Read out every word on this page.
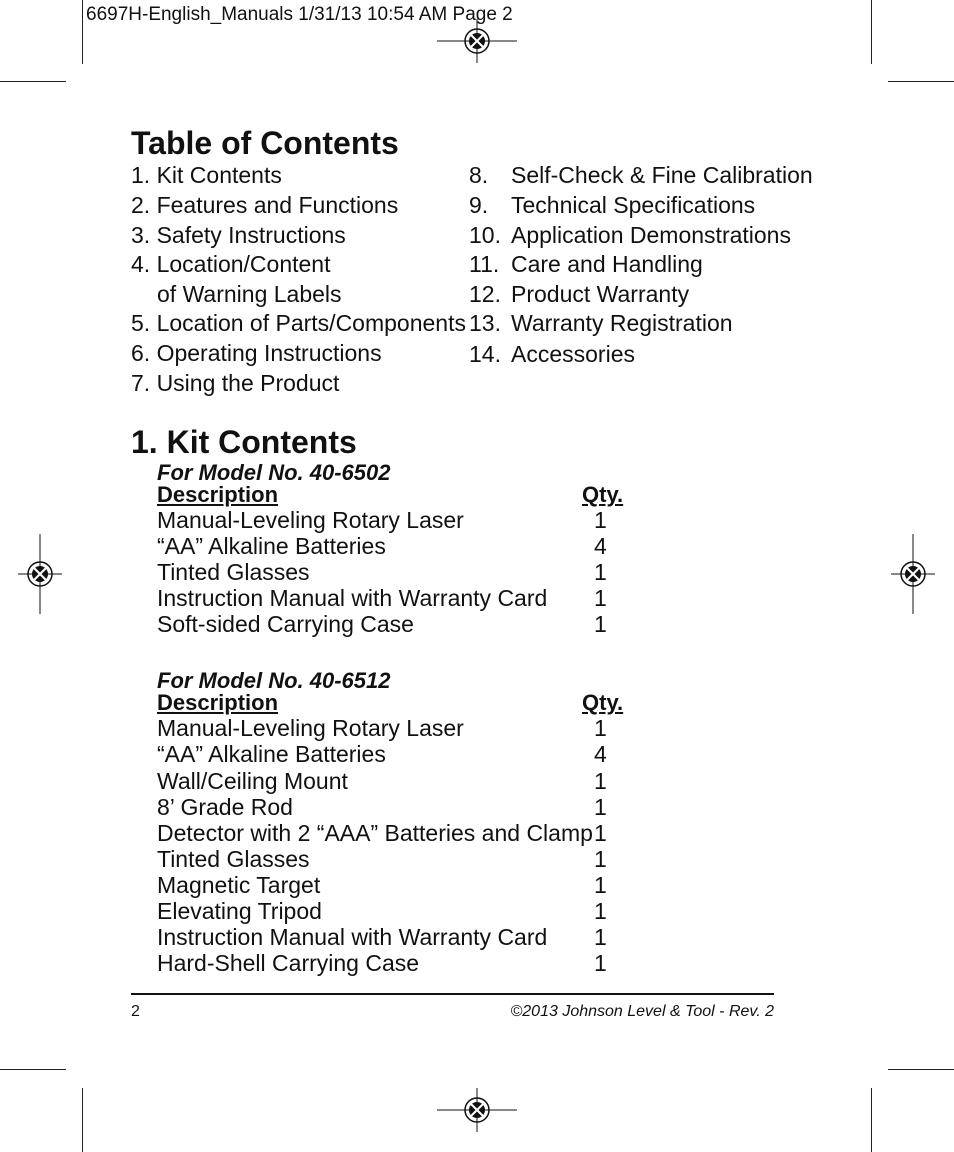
6697H-English_Manuals 1/31/13 10:54 AM Page 2
Table of Contents
1. Kit Contents
2. Features and Functions
3. Safety Instructions
4. Location/Content
of Warning Labels
5. Location of Parts/Components
6. Operating Instructions
7. Using the Product
8. Self-Check & Fine Calibration
9. Technical Specifications
10. Application Demonstrations
11. Care and Handling
12. Product Warranty
13. Warranty Registration
14. Accessories
1. Kit Contents
For Model No. 40-6502
Description	Qty.
Manual-Leveling Rotary Laser	1
“AA” Alkaline Batteries	4
Tinted Glasses	1
Instruction Manual with Warranty Card 1
Soft-sided Carrying Case	1
For Model No. 40-6512
Description	Qty.
Manual-Leveling Rotary Laser	1
“AA” Alkaline Batteries	4
Wall/Ceiling Mount	1
8’ Grade Rod	1
Detector with 2 “AAA” Batteries and Clamp 1
Tinted Glasses	1
Magnetic Target	1
Elevating Tripod	1
Instruction Manual with Warranty Card 1
Hard-Shell Carrying Case	1
2	©2013 Johnson Level & Tool - Rev. 2
